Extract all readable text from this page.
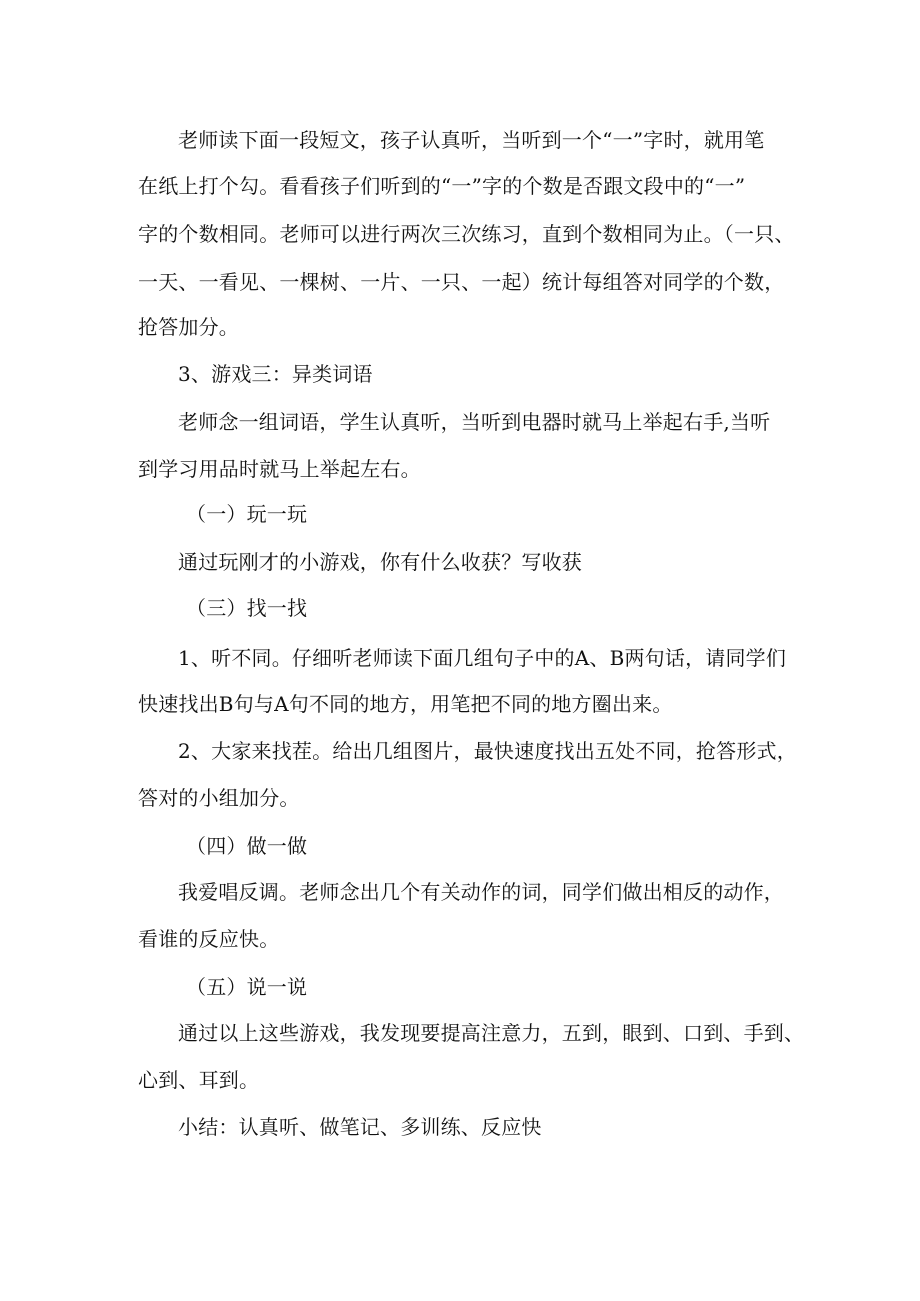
老师读下面一段短文，孩子认真听，当听到一个“一”字时，就用笔
在纸上打个勾。看看孩子们听到的“一”字的个数是否跟文段中的“一”
字的个数相同。老师可以进行两次三次练习，直到个数相同为止。（一只、
一天、一看见、一棵树、一片、一只、一起）统计每组答对同学的个数，
抢答加分。
3、游戏三：异类词语
老师念一组词语，学生认真听，当听到电器时就马上举起右手,当听
到学习用品时就马上举起左右。
（一）玩一玩
通过玩刚才的小游戏，你有什么收获？写收获
（三）找一找
1、听不同。仔细听老师读下面几组句子中的A、B两句话，请同学们
快速找出B句与A句不同的地方，用笔把不同的地方圈出来。
2、大家来找茬。给出几组图片，最快速度找出五处不同，抢答形式，
答对的小组加分。
（四）做一做
我爱唱反调。老师念出几个有关动作的词，同学们做出相反的动作，
看谁的反应快。
（五）说一说
通过以上这些游戏，我发现要提高注意力，五到，眼到、口到、手到、
心到、耳到。
小结：认真听、做笔记、多训练、反应快
